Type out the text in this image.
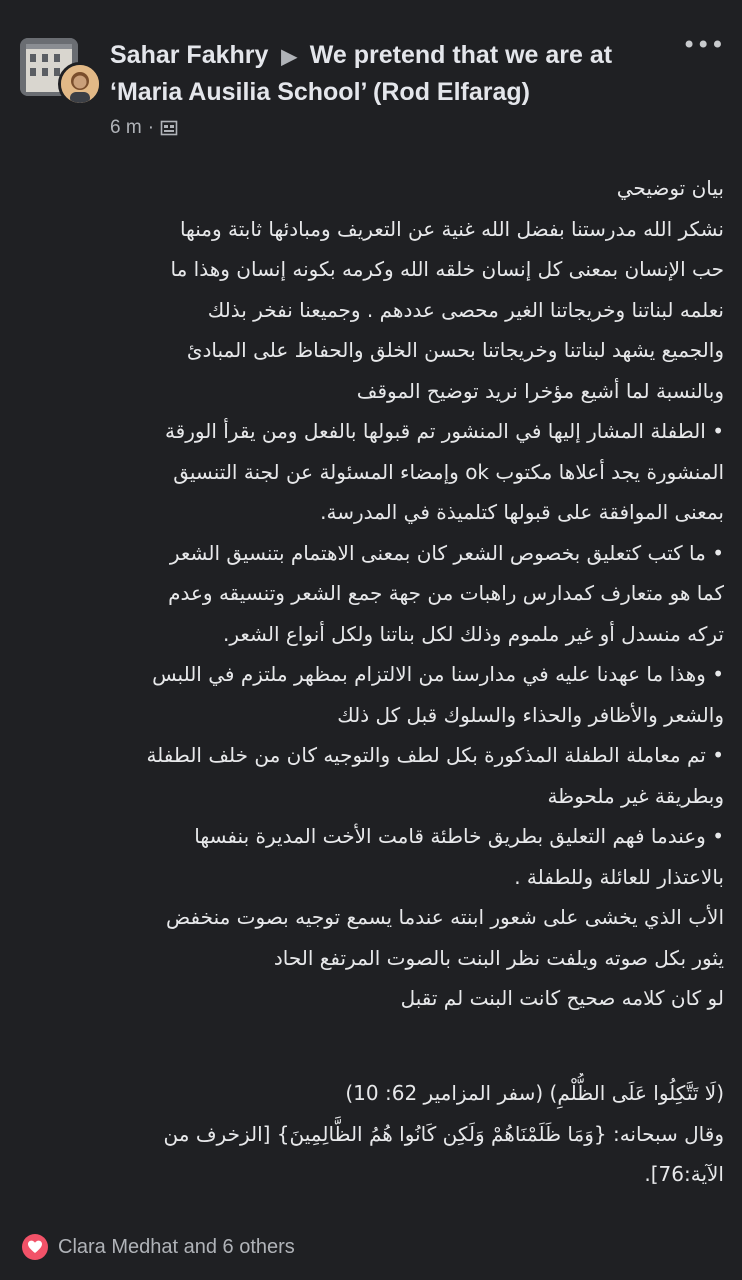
Sahar Fakhry ▶ We pretend that we are at ‘Maria Ausilia School’ (Rod Elfarag)
6 m ·
•••
بيان توضيحي
نشكر الله مدرستنا بفضل الله غنية عن التعريف ومبادئها ثابتة ومنها
حب الإنسان بمعنى كل إنسان خلقه الله وكرمه بكونه إنسان وهذا ما
نعلمه لبناتنا وخريجاتنا الغير محصى عددهم . وجميعنا نفخر بذلك
والجميع يشهد لبناتنا وخريجاتنا بحسن الخلق والحفاظ على المبادئ
وبالنسبة لما أشيع مؤخرا نريد توضيح الموقف
• الطفلة المشار إليها في المنشور تم قبولها بالفعل ومن يقرأ الورقة
المنشورة يجد أعلاها مكتوب ok وإمضاء المسئولة عن لجنة التنسيق
بمعنى الموافقة على قبولها كتلميذة في المدرسة.
• ما كتب كتعليق بخصوص الشعر كان بمعنى الاهتمام بتنسيق الشعر
كما هو متعارف كمدارس راهبات من جهة جمع الشعر وتنسيقه وعدم
تركه منسدل أو غير ملموم وذلك لكل بناتنا ولكل أنواع الشعر.
• وهذا ما عهدنا عليه في مدارسنا من الالتزام بمظهر ملتزم في اللبس
والشعر والأظافر والحذاء والسلوك قبل كل ذلك
• تم معاملة الطفلة المذكورة بكل لطف والتوجيه كان من خلف الطفلة
وبطريقة غير ملحوظة
• وعندما فهم التعليق بطريق خاطئة قامت الأخت المديرة بنفسها
بالاعتذار للعائلة وللطفلة .
الأب الذي يخشى على شعور ابنته عندما يسمع توجيه بصوت منخفض
يثور بكل صوته ويلفت نظر البنت بالصوت المرتفع الحاد
لو كان كلامه صحيح كانت البنت لم تقبل
(لَا تَتَّكِلُوا عَلَى الظُّلْمِ) (سفر المزامير 62: 10)
وقال سبحانه: {وَمَا ظَلَمْنَاهُمْ وَلَكِن كَانُوا هُمُ الظَّالِمِينَ} [الزخرف من
الآية:76].
Clara Medhat and 6 others
